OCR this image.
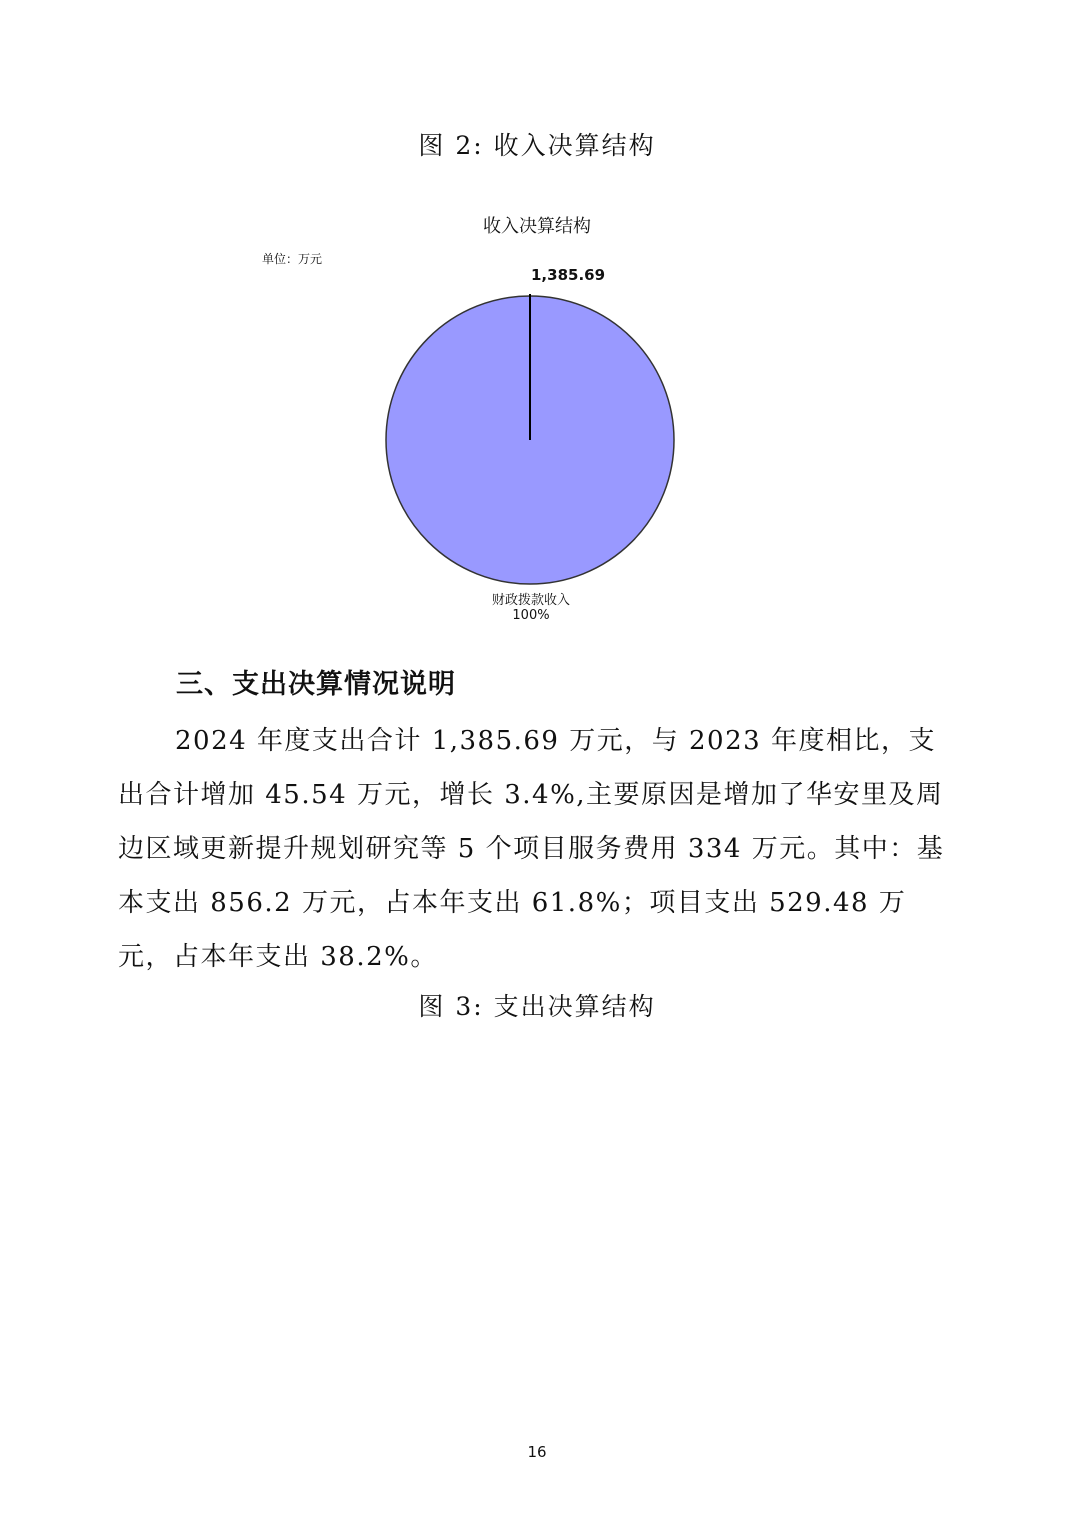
图 2: 收入决算结构
收入决算结构
单位：万元
1,385.69
财政拨款收入
100%
三、支出决算情况说明

2024 年度支出合计 1,385.69 万元，与 2023 年度相比，支出合计增加 45.54 万元，增长 3.4%,主要原因是增加了华安里及周边区域更新提升规划研究等 5 个项目服务费用 334 万元。其中：基本支出 856.2 万元，占本年支出 61.8%；项目支出 529.48 万元，占本年支出 38.2%。

图 3: 支出决算结构
16
